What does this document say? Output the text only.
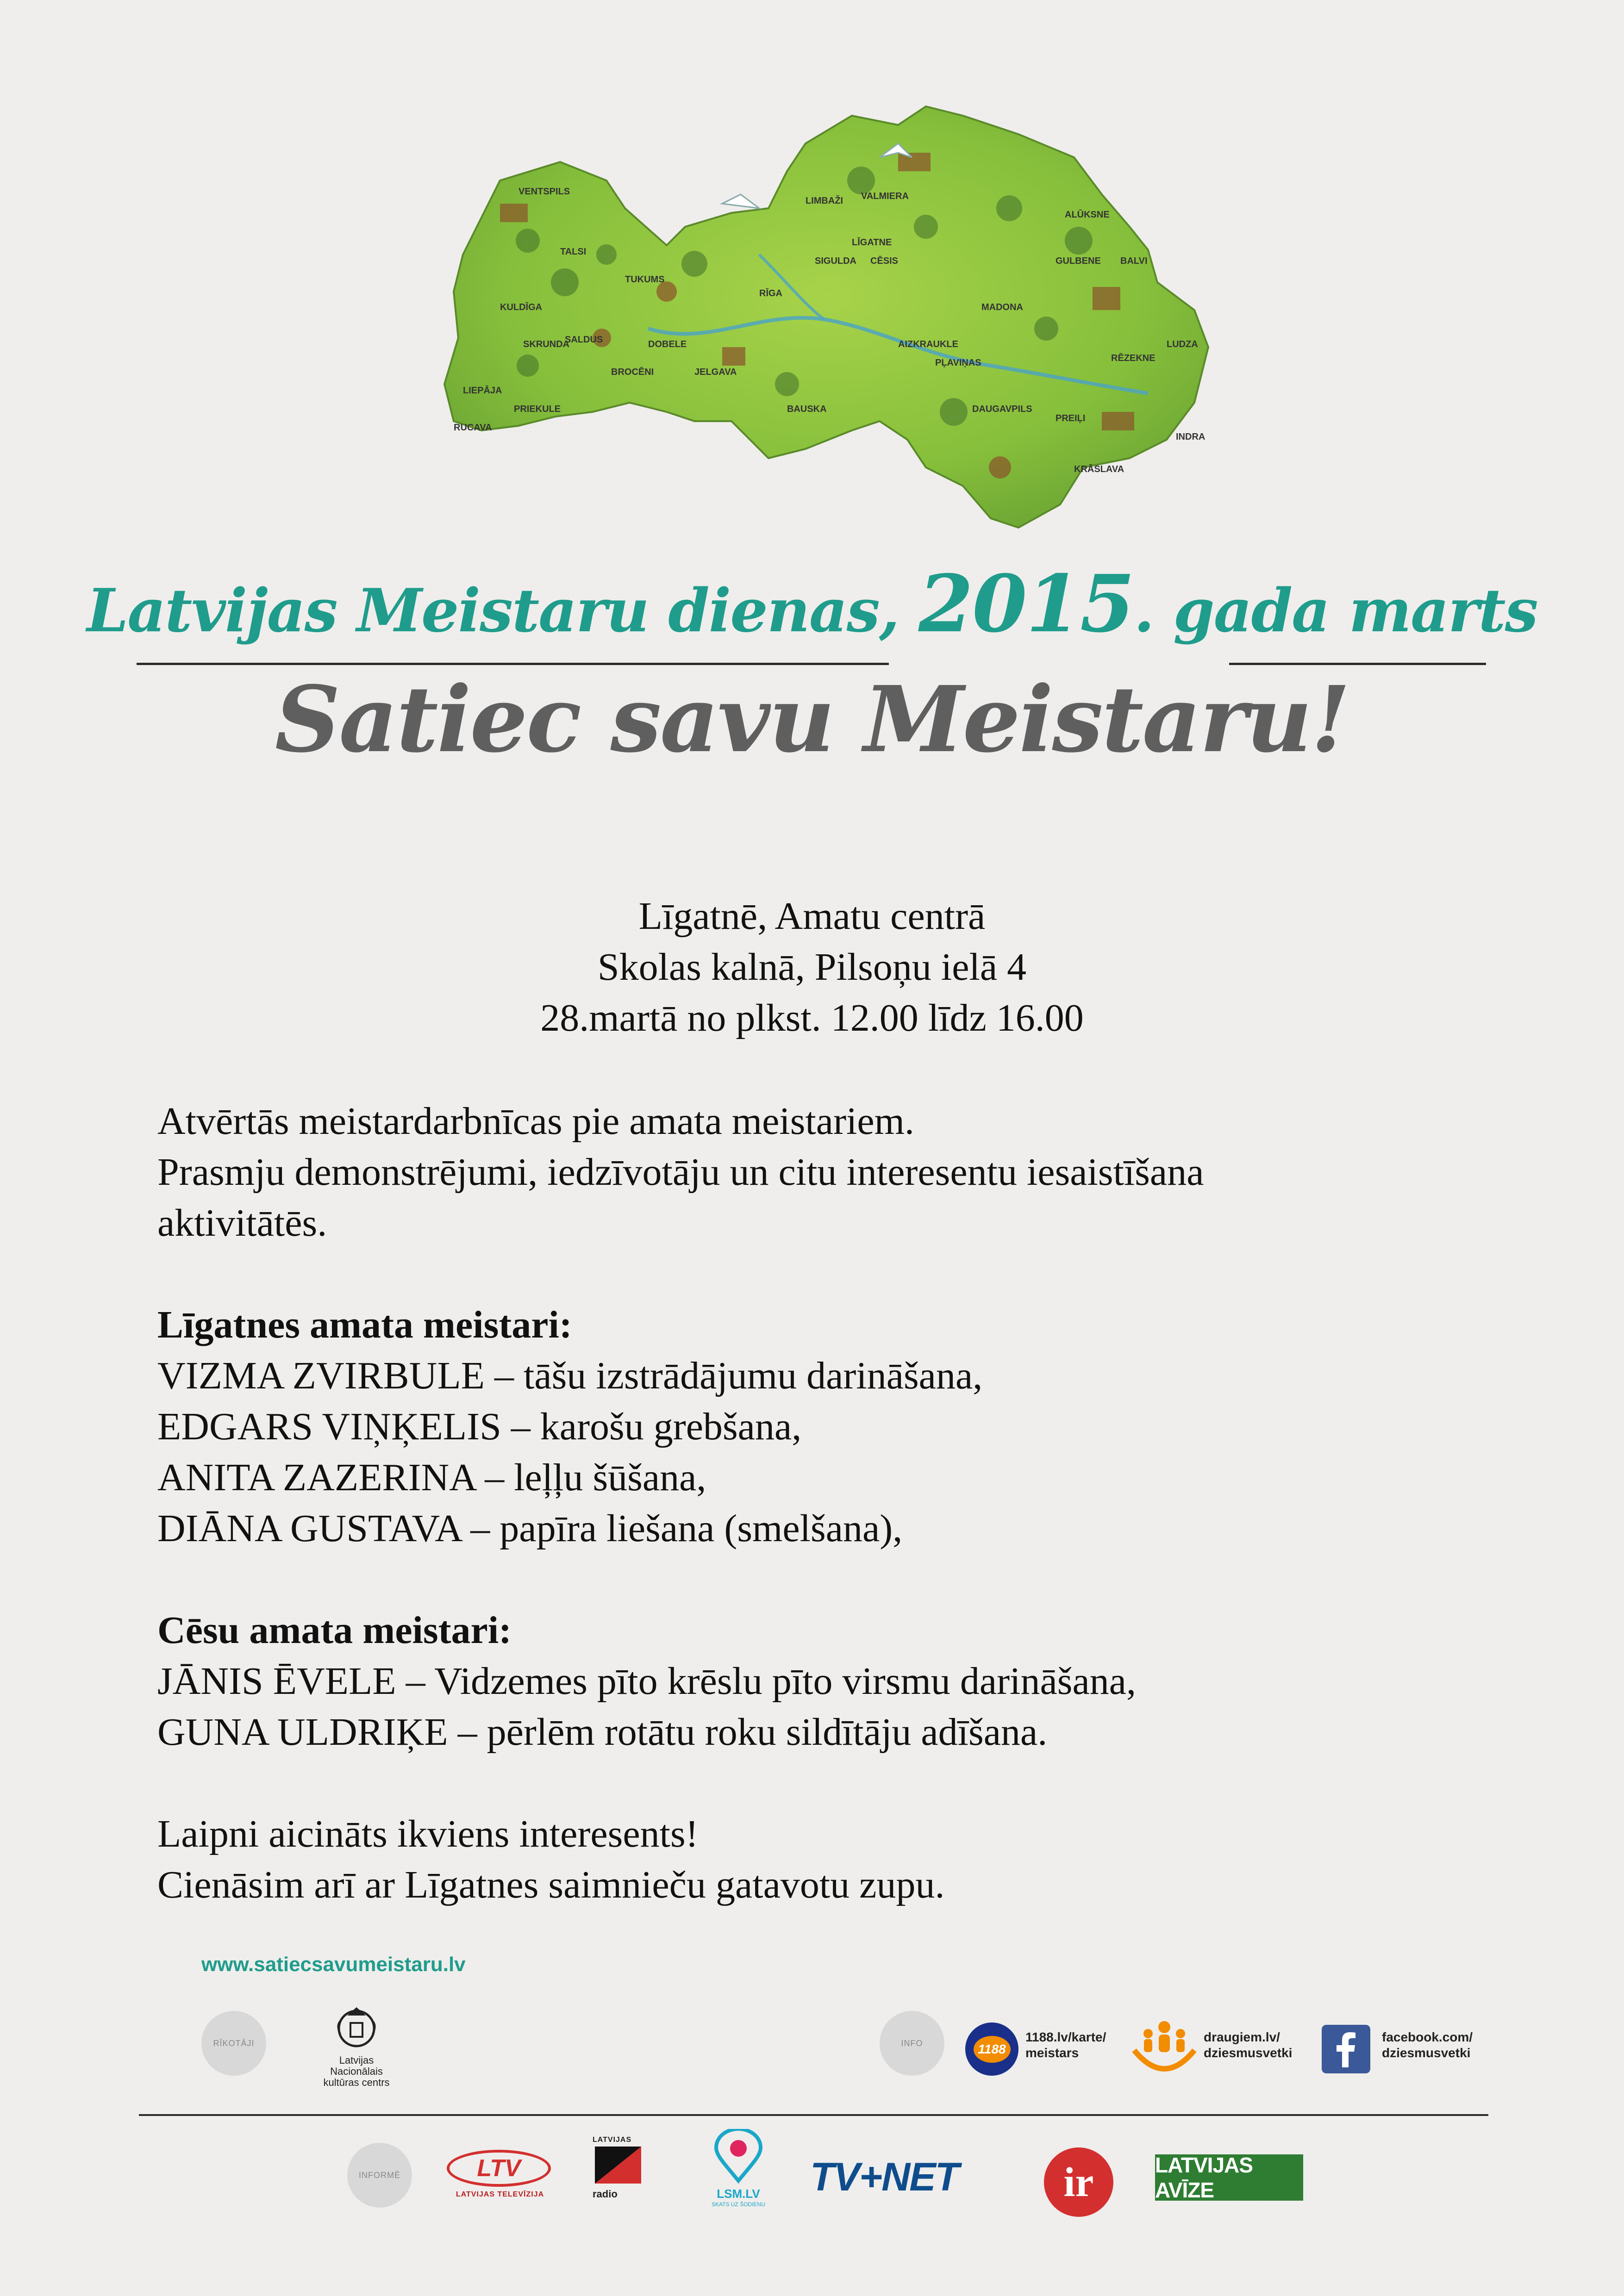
VENTSPILS
TALSI
TUKUMS
KULDĪGA
SALDUS	DOBELE
JELGAVA
RĪGA
LIEPĀJA
PRIEKULE
RUCAVA
SKRUNDA
BROCĒNI
LIMBAŽI VALMIERA
CĒSIS
SIGULDA
LĪGATNE
MADONA
GULBENE
ALŪKSNE
BALVI
RĒZEKNE
LUDZA
PREIĻI
DAUGAVPILS
KRĀSLAVA
AIZKRAUKLE
BAUSKA
INDRA
PĻAVIŅAS
Latvijas Meistaru dienas, 2015. gada marts
Satiec savu Meistaru!
Līgatnē, Amatu centrā
Skolas kalnā, Pilsoņu ielā 4
28.martā no plkst. 12.00 līdz 16.00
Atvērtās meistardarbnīcas pie amata meistariem.
Prasmju demonstrējumi, iedzīvotāju un citu interesentu iesaistīšana
aktivitātēs.
Līgatnes amata meistari:
VIZMA ZVIRBULE – tāšu izstrādājumu darināšana,
EDGARS VIŅĶELIS – karošu grebšana,
ANITA ZAZERINA – leļļu šūšana,
DIĀNA GUSTAVA – papīra liešana (smelšana),
Cēsu amata meistari:
JĀNIS ĒVELE – Vidzemes pīto krēslu pīto virsmu darināšana,
GUNA ULDRIĶE – pērlēm rotātu roku sildītāju adīšana.
Laipni aicināts ikviens interesents!
Cienāsim arī ar Līgatnes saimnieču gatavotu zupu.
www.satiecsavumeistaru.lv
RĪKOTĀJI
Latvijas Nacionālais
kultūras centrs
INFO	1188
1188.lv/karte/
meistars
draugiem.lv/
dziesmusvetki
facebook.com/
dziesmusvetki
INFORMĒ	LTV
LATVIJAS TELEVĪZIJA
LATVIJAS
radio	LSM.LV
SKATS UZ ŠODIENU
TV+NET	ir	LATVIJAS AVĪZE
